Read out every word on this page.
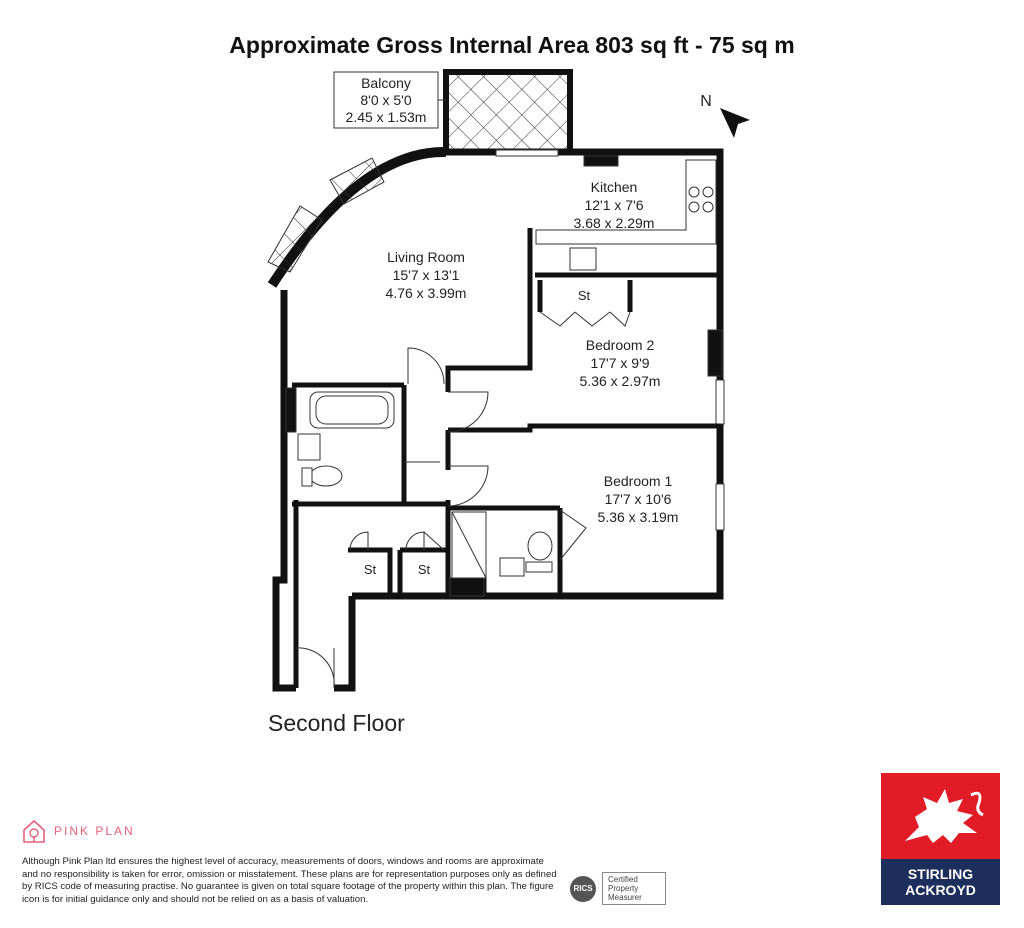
Approximate Gross Internal Area 803 sq ft - 75 sq m
Balcony
8'0 x 5'0
2.45 x 1.53m
N
Kitchen
12'1 x 7'6
3.68 x 2.29m
Living Room
15'7 x 13'1
4.76 x 3.99m	St
Bedroom 2
17'7 x 9'9
5.36 x 2.97m
Bedroom 1
17'7 x 10'6
5.36 x 3.19m
St	St
Second Floor
PINK PLAN
Although Pink Plan ltd ensures the highest level of accuracy, measurements of doors, windows and rooms are approximate and no responsibility is taken for error, omission or misstatement. These plans are for representation purposes only as defined by RICS code of measuring practise. No guarantee is given on total square footage of the property within this plan. The figure icon is for initial guidance only and should not be relied on as a basis of valuation.
RICS
Certified
Property
Measurer
STIRLING
ACKROYD
